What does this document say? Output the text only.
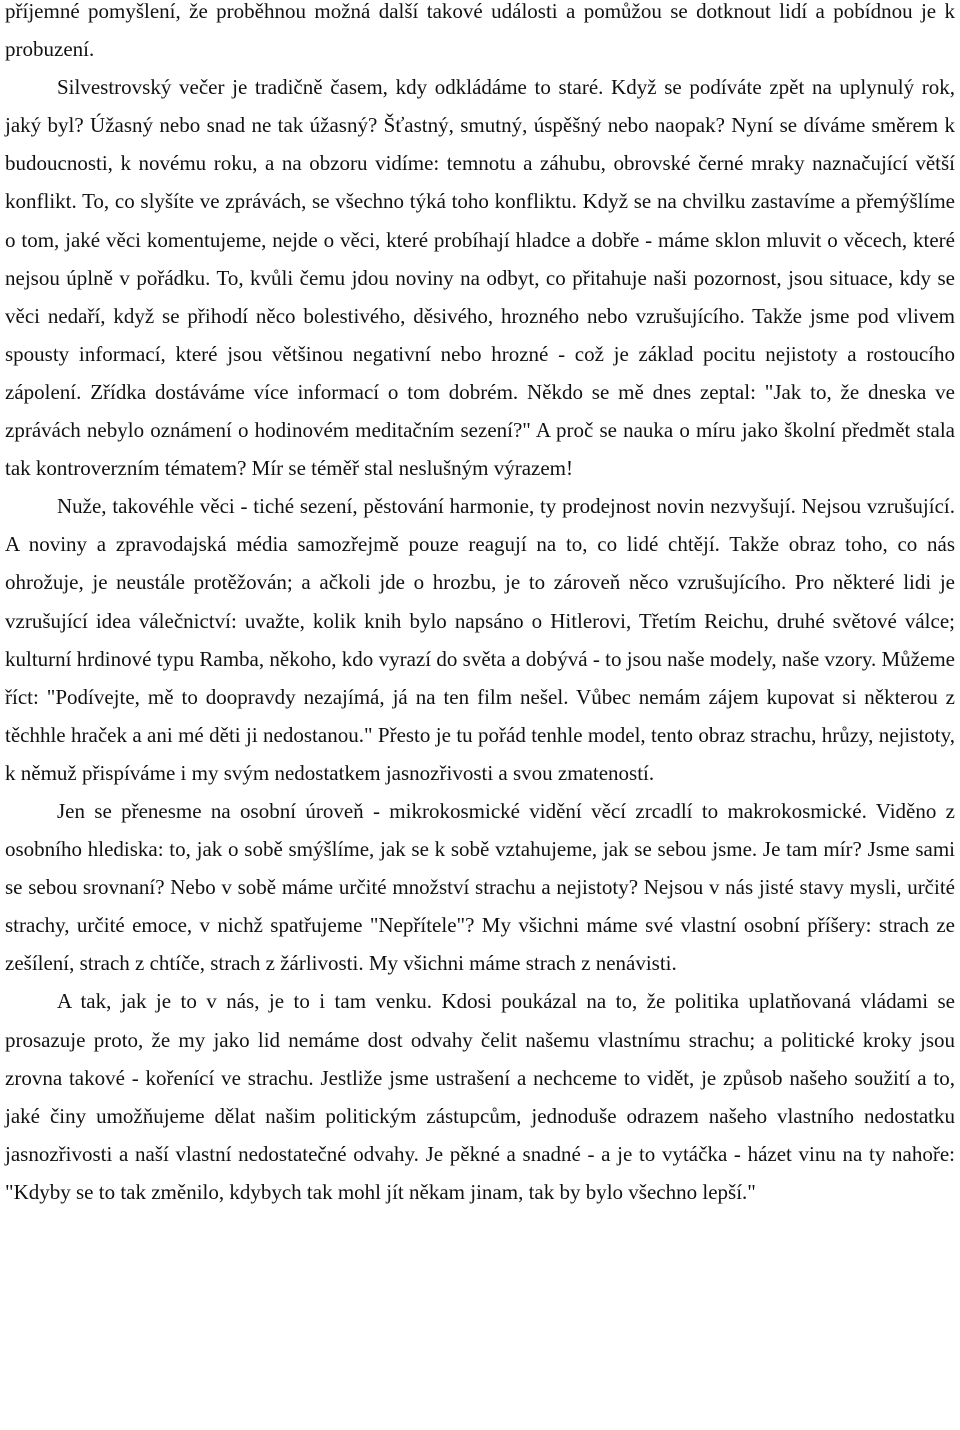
příjemné pomyšlení, že proběhnou možná další takové události a pomůžou se dotknout lidí a pobídnou je k probuzení.

Silvestrovský večer je tradičně časem, kdy odkládáme to staré. Když se podíváte zpět na uplynulý rok, jaký byl? Úžasný nebo snad ne tak úžasný? Šťastný, smutný, úspěšný nebo naopak? Nyní se díváme směrem k budoucnosti, k novému roku, a na obzoru vidíme: temnotu a záhubu, obrovské černé mraky naznačující větší konflikt. To, co slyšíte ve zprávách, se všechno týká toho konfliktu. Když se na chvilku zastavíme a přemýšlíme o tom, jaké věci komentujeme, nejde o věci, které probíhají hladce a dobře - máme sklon mluvit o věcech, které nejsou úplně v pořádku. To, kvůli čemu jdou noviny na odbyt, co přitahuje naši pozornost, jsou situace, kdy se věci nedaří, když se přihodí něco bolestivého, děsivého, hrozného nebo vzrušujícího. Takže jsme pod vlivem spousty informací, které jsou většinou negativní nebo hrozné - což je základ pocitu nejistoty a rostoucího zápolení. Zřídka dostáváme více informací o tom dobrém. Někdo se mě dnes zeptal: "Jak to, že dneska ve zprávách nebylo oznámení o hodinovém meditačním sezení?" A proč se nauka o míru jako školní předmět stala tak kontroverzním tématem? Mír se téměř stal neslušným výrazem!

Nuže, takovéhle věci - tiché sezení, pěstování harmonie, ty prodejnost novin nezvyšují. Nejsou vzrušující. A noviny a zpravodajská média samozřejmě pouze reagují na to, co lidé chtějí. Takže obraz toho, co nás ohrožuje, je neustále protěžován; a ačkoli jde o hrozbu, je to zároveň něco vzrušujícího. Pro některé lidi je vzrušující idea válečnictví: uvažte, kolik knih bylo napsáno o Hitlerovi, Třetím Reichu, druhé světové válce; kulturní hrdinové typu Ramba, někoho, kdo vyrazí do světa a dobývá - to jsou naše modely, naše vzory. Můžeme říct: "Podívejte, mě to doopravdy nezajímá, já na ten film nešel. Vůbec nemám zájem kupovat si některou z těchhle hraček a ani mé děti ji nedostanou." Přesto je tu pořád tenhle model, tento obraz strachu, hrůzy, nejistoty, k němuž přispíváme i my svým nedostatkem jasnozřivosti a svou zmateností.

Jen se přenesme na osobní úroveň - mikrokosmické vidění věcí zrcadlí to makrokosmické. Viděno z osobního hlediska: to, jak o sobě smýšlíme, jak se k sobě vztahujeme, jak se sebou jsme. Je tam mír? Jsme sami se sebou srovnaní? Nebo v sobě máme určité množství strachu a nejistoty? Nejsou v nás jisté stavy mysli, určité strachy, určité emoce, v nichž spatřujeme "Nepřítele"? My všichni máme své vlastní osobní příšery: strach ze zešílení, strach z chtíče, strach z žárlivosti. My všichni máme strach z nenávisti.

A tak, jak je to v nás, je to i tam venku. Kdosi poukázal na to, že politika uplatňovaná vládami se prosazuje proto, že my jako lid nemáme dost odvahy čelit našemu vlastnímu strachu; a politické kroky jsou zrovna takové - kořenící ve strachu. Jestliže jsme ustrašení a nechceme to vidět, je způsob našeho soužití a to, jaké činy umožňujeme dělat našim politickým zástupcům, jednoduše odrazem našeho vlastního nedostatku jasnozřivosti a naší vlastní nedostatečné odvahy. Je pěkné a snadné - a je to vytáčka - házet vinu na ty nahoře: "Kdyby se to tak změnilo, kdybych tak mohl jít někam jinam, tak by bylo všechno lepší."
